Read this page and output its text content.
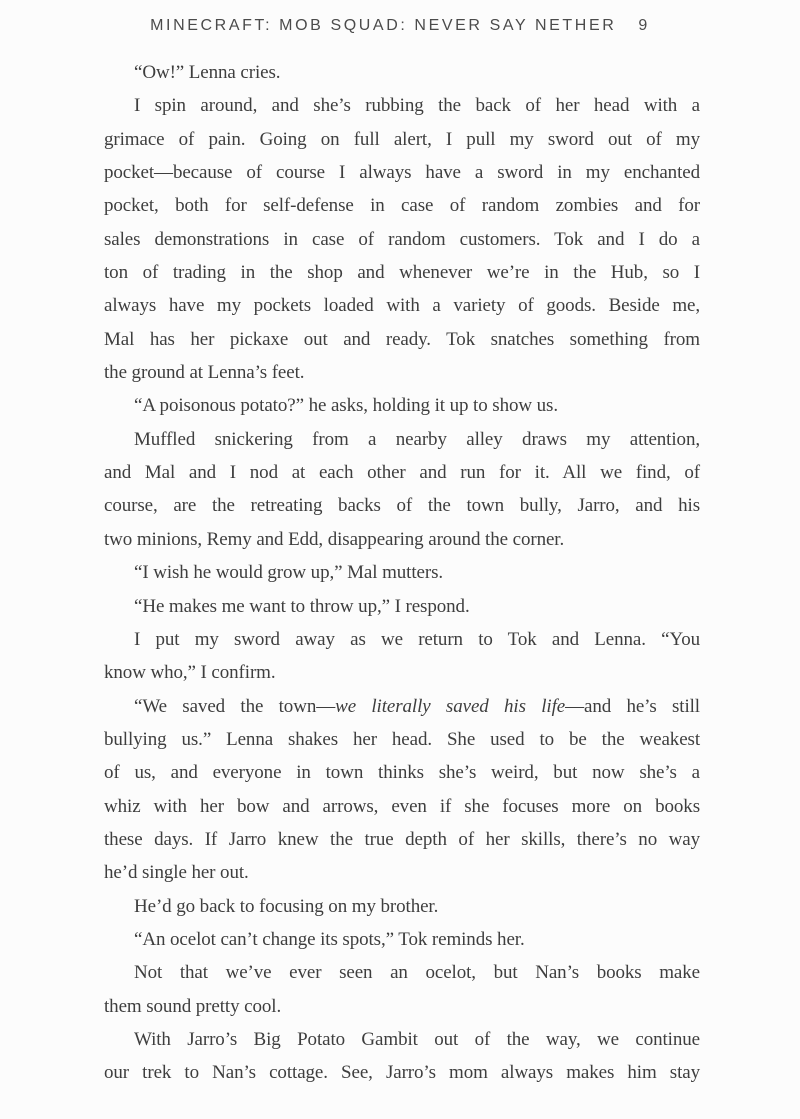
MINECRAFT: MOB SQUAD: NEVER SAY NETHER 9
“Ow!” Lenna cries.
I spin around, and she’s rubbing the back of her head with a
grimace of pain. Going on full alert, I pull my sword out of my
pocket—because of course I always have a sword in my enchanted
pocket, both for self-defense in case of random zombies and for
sales demonstrations in case of random customers. Tok and I do a
ton of trading in the shop and whenever we’re in the Hub, so I
always have my pockets loaded with a variety of goods. Beside me,
Mal has her pickaxe out and ready. Tok snatches something from
the ground at Lenna’s feet.
“A poisonous potato?” he asks, holding it up to show us.
Muffled snickering from a nearby alley draws my attention,
and Mal and I nod at each other and run for it. All we find, of
course, are the retreating backs of the town bully, Jarro, and his
two minions, Remy and Edd, disappearing around the corner.
“I wish he would grow up,” Mal mutters.
“He makes me want to throw up,” I respond.
I put my sword away as we return to Tok and Lenna. “You
know who,” I confirm.
“We saved the town—we literally saved his life—and he’s still
bullying us.” Lenna shakes her head. She used to be the weakest
of us, and everyone in town thinks she’s weird, but now she’s a
whiz with her bow and arrows, even if she focuses more on books
these days. If Jarro knew the true depth of her skills, there’s no way
he’d single her out.
He’d go back to focusing on my brother.
“An ocelot can’t change its spots,” Tok reminds her.
Not that we’ve ever seen an ocelot, but Nan’s books make
them sound pretty cool.
With Jarro’s Big Potato Gambit out of the way, we continue
our trek to Nan’s cottage. See, Jarro’s mom always makes him stay
